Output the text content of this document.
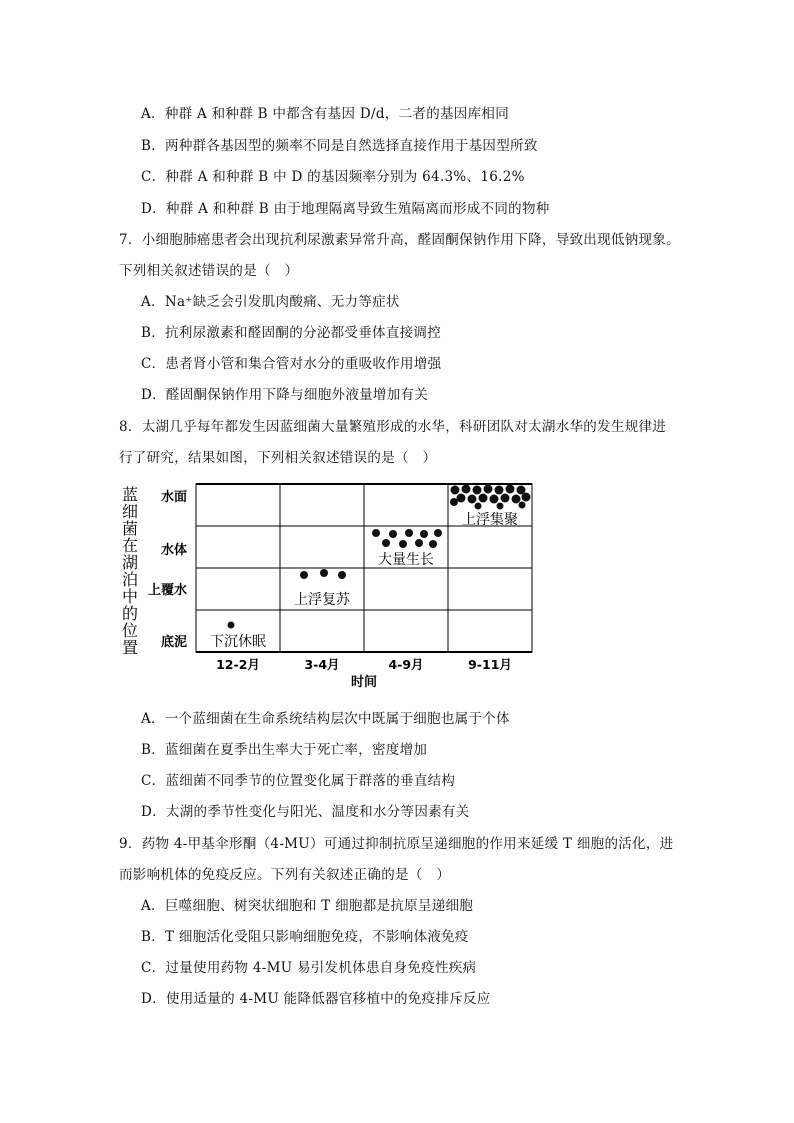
A．种群 A 和种群 B 中都含有基因 D/d，二者的基因库相同
B．两种群各基因型的频率不同是自然选择直接作用于基因型所致
C．种群 A 和种群 B 中 D 的基因频率分别为 64.3%、16.2%
D．种群 A 和种群 B 由于地理隔离导致生殖隔离而形成不同的物种
7．小细胞肺癌患者会出现抗利尿激素异常升高，醛固酮保钠作用下降，导致出现低钠现象。
下列相关叙述错误的是（　）
A．Na⁺缺乏会引发肌肉酸痛、无力等症状
B．抗利尿激素和醛固酮的分泌都受垂体直接调控
C．患者肾小管和集合管对水分的重吸收作用增强
D．醛固酮保钠作用下降与细胞外液量增加有关
8．太湖几乎每年都发生因蓝细菌大量繁殖形成的水华，科研团队对太湖水华的发生规律进
行了研究，结果如图，下列相关叙述错误的是（　）
蓝细菌在湖泊中的位置 水面
水体
上覆水
底泥
12-2月	3-4月	4-9月	9-11月
时间
下沉休眠
上浮复苏
大量生长
上浮集聚
A．一个蓝细菌在生命系统结构层次中既属于细胞也属于个体
B．蓝细菌在夏季出生率大于死亡率，密度增加
C．蓝细菌不同季节的位置变化属于群落的垂直结构
D．太湖的季节性变化与阳光、温度和水分等因素有关
9．药物 4-甲基伞形酮（4-MU）可通过抑制抗原呈递细胞的作用来延缓 T 细胞的活化，进
而影响机体的免疫反应。下列有关叙述正确的是（　）
A．巨噬细胞、树突状细胞和 T 细胞都是抗原呈递细胞
B．T 细胞活化受阻只影响细胞免疫，不影响体液免疫
C．过量使用药物 4-MU 易引发机体患自身免疫性疾病
D．使用适量的 4-MU 能降低器官移植中的免疫排斥反应
